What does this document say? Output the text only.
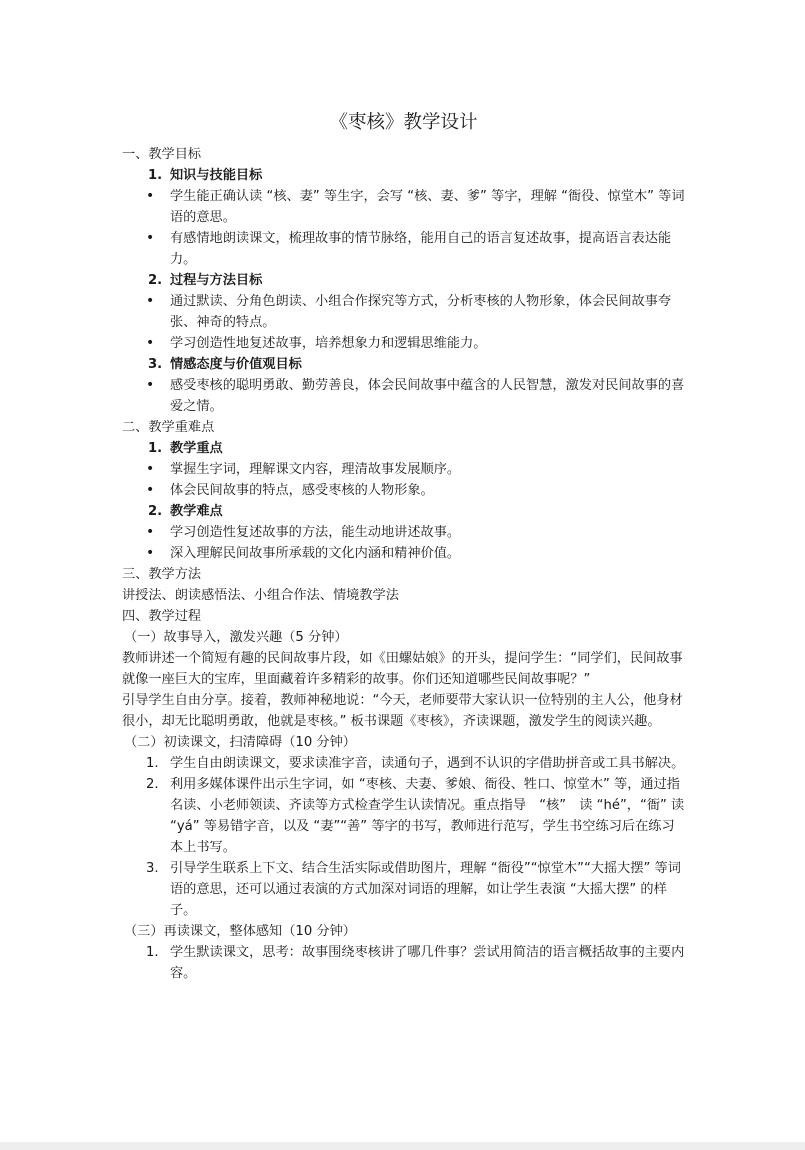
《枣核》教学设计

一、教学目标

1. 知识与技能目标

• 学生能正确认读 “核、妻” 等生字，会写 “核、妻、爹” 等字，理解 “衙役、惊堂木” 等词语的意思。

• 有感情地朗读课文，梳理故事的情节脉络，能用自己的语言复述故事，提高语言表达能力。

2. 过程与方法目标

• 通过默读、分角色朗读、小组合作探究等方式，分析枣核的人物形象，体会民间故事夸张、神奇的特点。

• 学习创造性地复述故事，培养想象力和逻辑思维能力。

3. 情感态度与价值观目标

• 感受枣核的聪明勇敢、勤劳善良，体会民间故事中蕴含的人民智慧，激发对民间故事的喜爱之情。

二、教学重难点

1. 教学重点

• 掌握生字词，理解课文内容，理清故事发展顺序。

• 体会民间故事的特点，感受枣核的人物形象。

2. 教学难点

• 学习创造性复述故事的方法，能生动地讲述故事。

• 深入理解民间故事所承载的文化内涵和精神价值。

三、教学方法

讲授法、朗读感悟法、小组合作法、情境教学法

四、教学过程

（一）故事导入，激发兴趣（5 分钟）

教师讲述一个简短有趣的民间故事片段，如《田螺姑娘》的开头，提问学生：“同学们，民间故事就像一座巨大的宝库，里面藏着许多精彩的故事。你们还知道哪些民间故事呢？”

引导学生自由分享。接着，教师神秘地说：“今天，老师要带大家认识一位特别的主人公，他身材很小，却无比聪明勇敢，他就是枣核。” 板书课题《枣核》，齐读课题，激发学生的阅读兴趣。

（二）初读课文，扫清障碍（10 分钟）

1. 学生自由朗读课文，要求读准字音，读通句子，遇到不认识的字借助拼音或工具书解决。

2. 利用多媒体课件出示生字词，如 “枣核、夫妻、爹娘、衙役、牲口、惊堂木” 等，通过指名读、小老师领读、齐读等方式检查学生认读情况。重点指导　“核”　读 “hé”，“衙” 读 “yá” 等易错字音，以及 “妻”“善” 等字的书写，教师进行范写，学生书空练习后在练习本上书写。

3. 引导学生联系上下文、结合生活实际或借助图片，理解 “衙役”“惊堂木”“大摇大摆” 等词语的意思，还可以通过表演的方式加深对词语的理解，如让学生表演 “大摇大摆” 的样子。

（三）再读课文，整体感知（10 分钟）

1. 学生默读课文，思考：故事围绕枣核讲了哪几件事？尝试用简洁的语言概括故事的主要内容。
